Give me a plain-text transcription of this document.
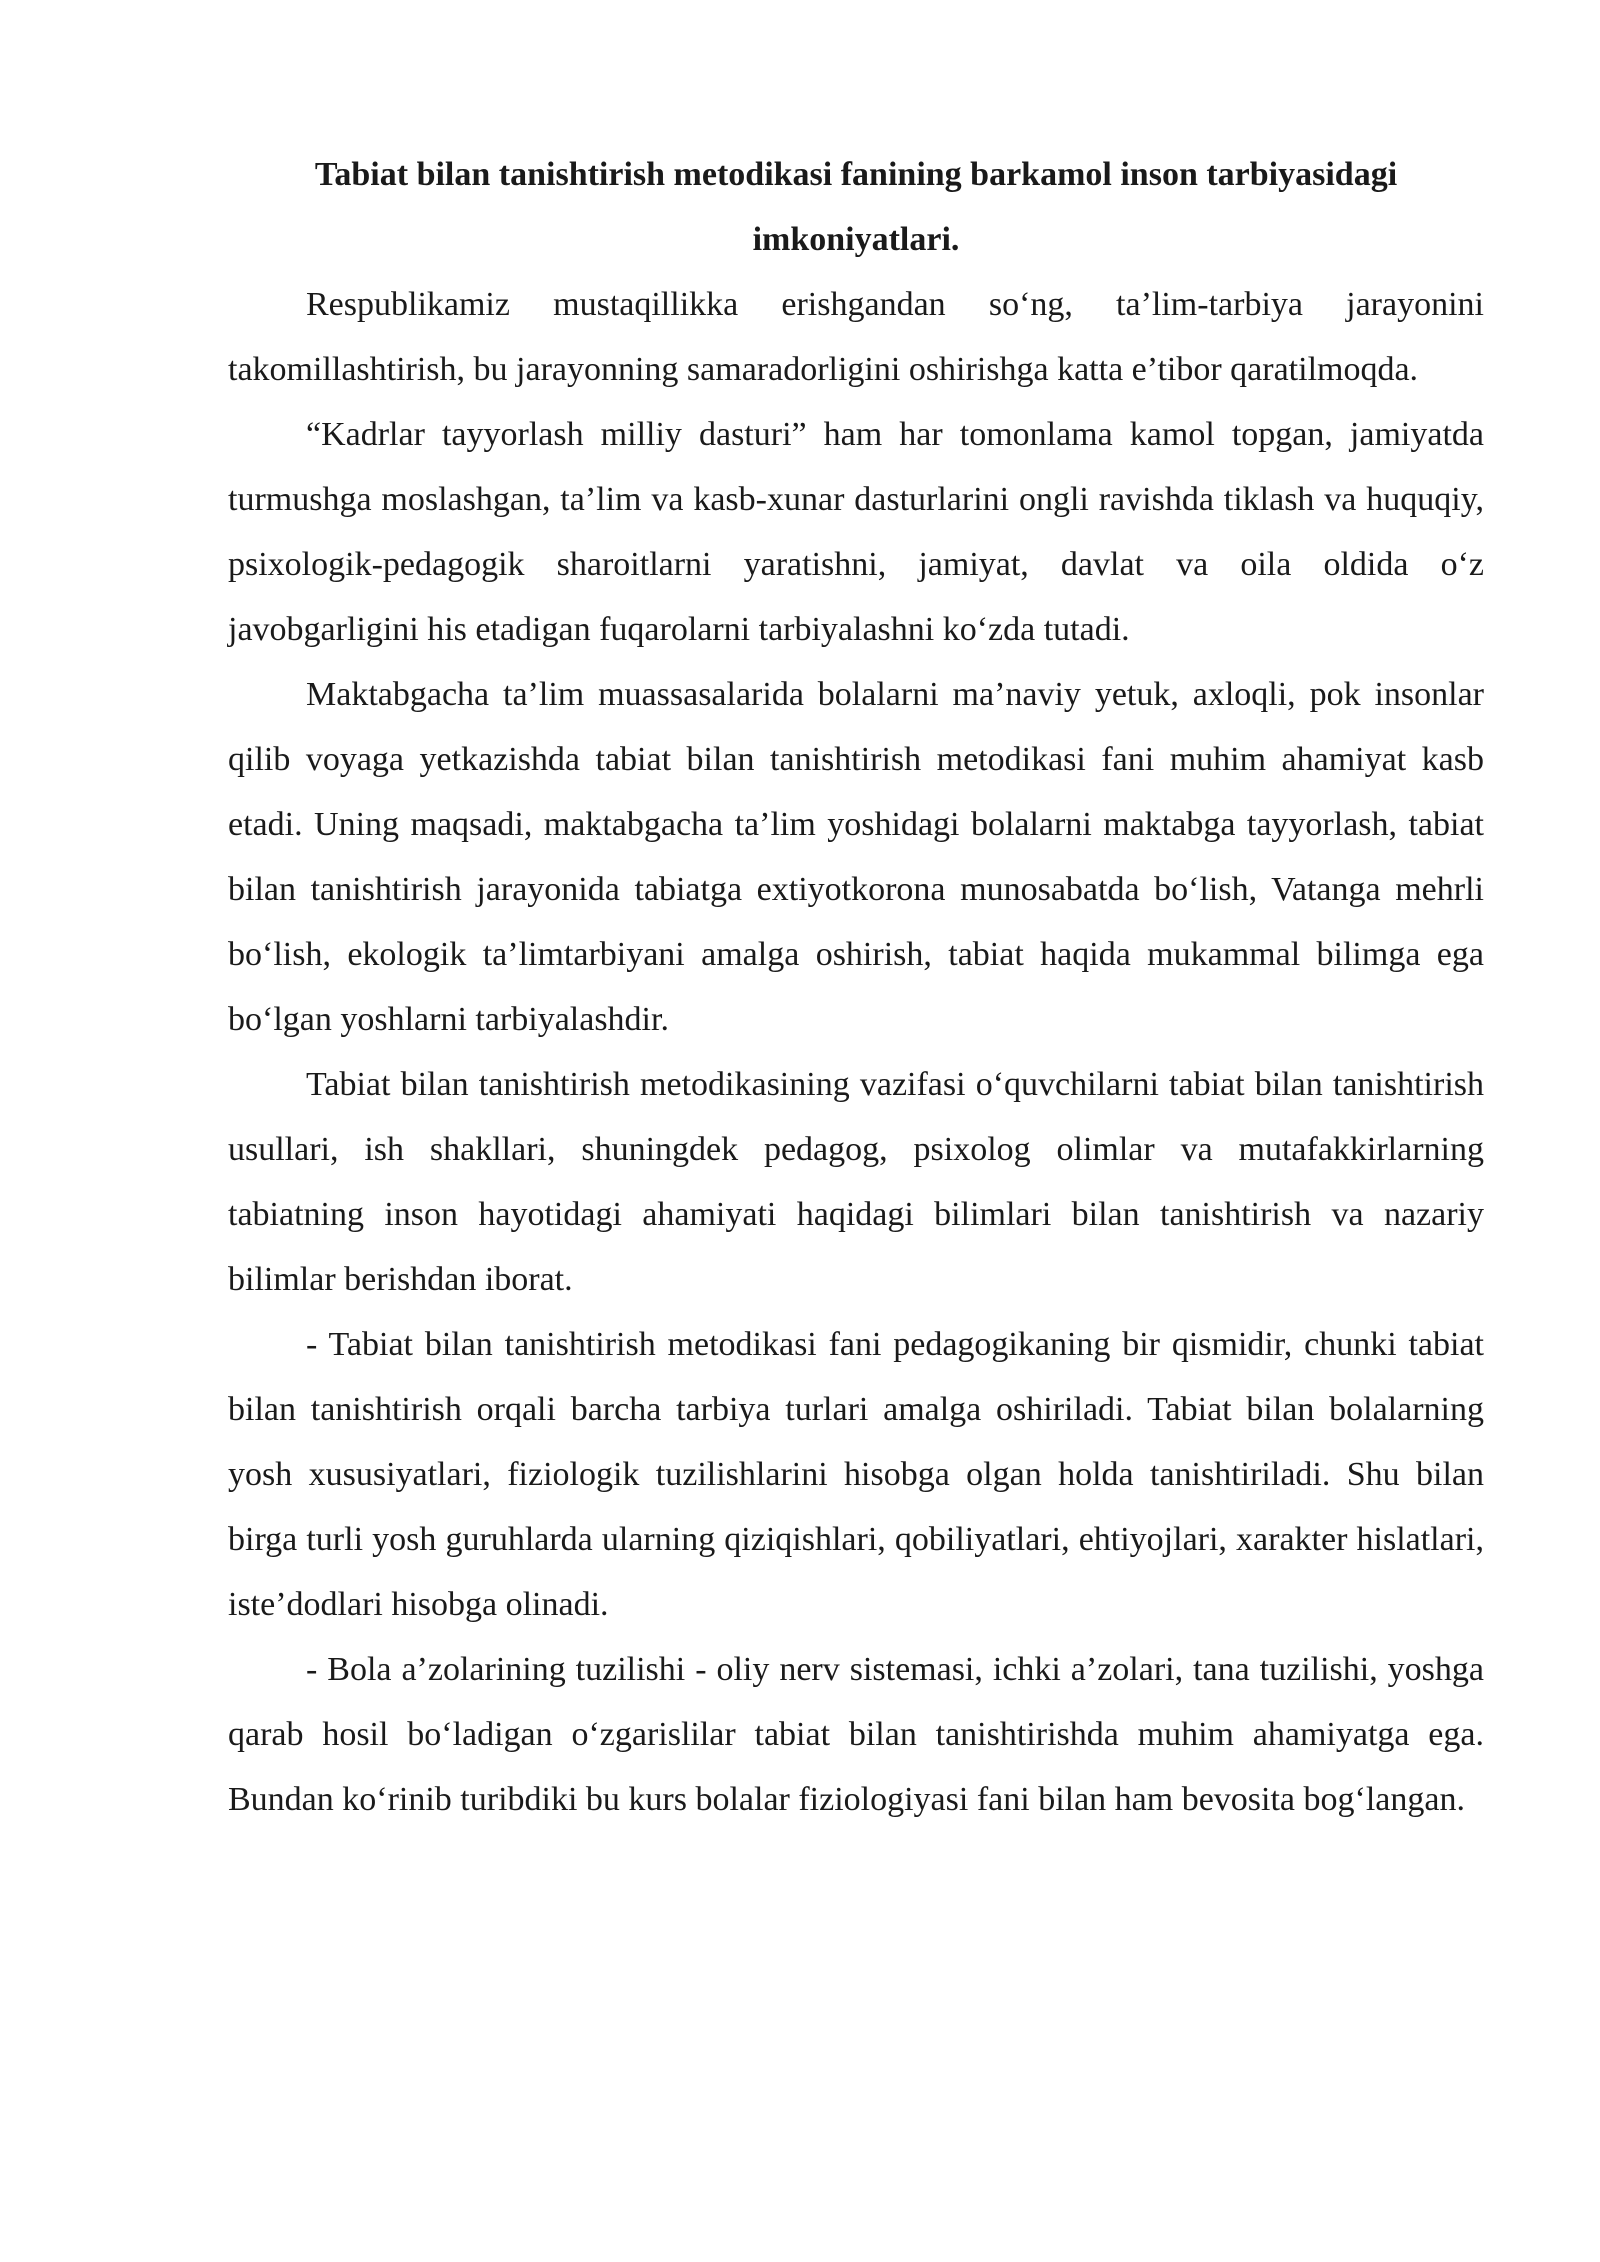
Tabiat bilan tanishtirish metodikasi fanining barkamol inson tarbiyasidagi imkoniyatlari.

Respublikamiz mustaqillikka erishgandan so‘ng, ta’lim-tarbiya jarayonini takomillashtirish, bu jarayonning samaradorligini oshirishga katta e’tibor qaratilmoqda.

“Kadrlar tayyorlash milliy dasturi” ham har tomonlama kamol topgan, jamiyatda turmushga moslashgan, ta’lim va kasb-xunar dasturlarini ongli ravishda tiklash va huquqiy, psixologik-pedagogik sharoitlarni yaratishni, jamiyat, davlat va oila oldida o‘z javobgarligini his etadigan fuqarolarni tarbiyalashni ko‘zda tutadi.

Maktabgacha ta’lim muassasalarida bolalarni ma’naviy yetuk, axloqli, pok insonlar qilib voyaga yetkazishda tabiat bilan tanishtirish metodikasi fani muhim ahamiyat kasb etadi. Uning maqsadi, maktabgacha ta’lim yoshidagi bolalarni maktabga tayyorlash, tabiat bilan tanishtirish jarayonida tabiatga extiyotkorona munosabatda bo‘lish, Vatanga mehrli bo‘lish, ekologik ta’limtarbiyani amalga oshirish, tabiat haqida mukammal bilimga ega bo‘lgan yoshlarni tarbiyalashdir.

Tabiat bilan tanishtirish metodikasining vazifasi o‘quvchilarni tabiat bilan tanishtirish usullari, ish shakllari, shuningdek pedagog, psixolog olimlar va mutafakkirlarning tabiatning inson hayotidagi ahamiyati haqidagi bilimlari bilan tanishtirish va nazariy bilimlar berishdan iborat.

- Tabiat bilan tanishtirish metodikasi fani pedagogikaning bir qismidir, chunki tabiat bilan tanishtirish orqali barcha tarbiya turlari amalga oshiriladi. Tabiat bilan bolalarning yosh xususiyatlari, fiziologik tuzilishlarini hisobga olgan holda tanishtiriladi. Shu bilan birga turli yosh guruhlarda ularning qiziqishlari, qobiliyatlari, ehtiyojlari, xarakter hislatlari, iste’dodlari hisobga olinadi.

- Bola a’zolarining tuzilishi - oliy nerv sistemasi, ichki a’zolari, tana tuzilishi, yoshga qarab hosil bo‘ladigan o‘zgarislilar tabiat bilan tanishtirishda muhim ahamiyatga ega. Bundan ko‘rinib turibdiki bu kurs bolalar fiziologiyasi fani bilan ham bevosita bog‘langan.
